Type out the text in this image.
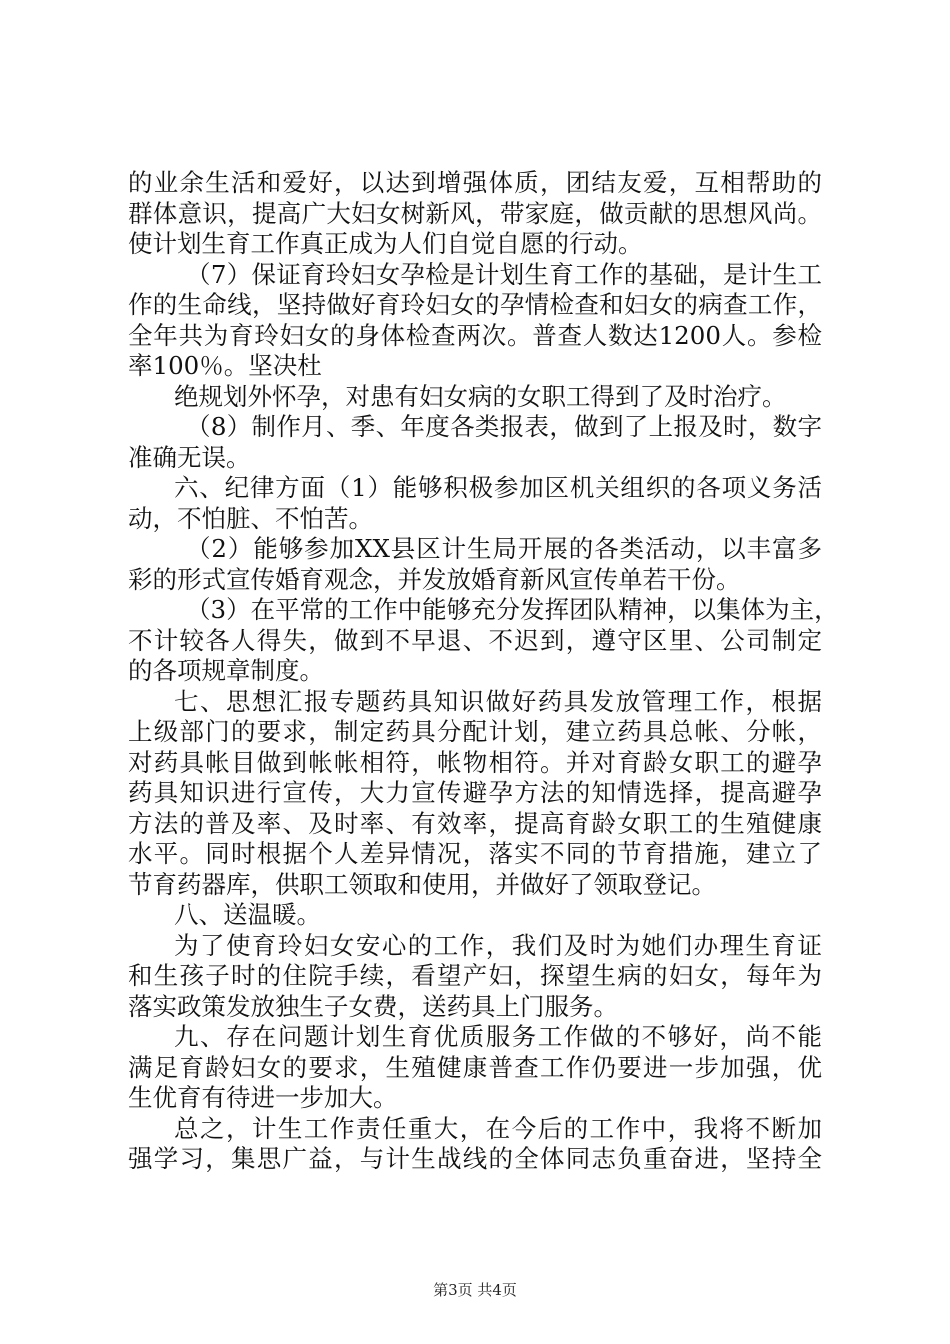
的业余生活和爱好，以达到增强体质，团结友爱，互相帮助的
群体意识，提高广大妇女树新风，带家庭，做贡献的思想风尚。
使计划生育工作真正成为人们自觉自愿的行动。
（7）保证育玲妇女孕检是计划生育工作的基础，是计生工
作的生命线，坚持做好育玲妇女的孕情检查和妇女的病查工作，
全年共为育玲妇女的身体检查两次。普查人数达1200人。参检
率100％。坚决杜
绝规划外怀孕，对患有妇女病的女职工得到了及时治疗。
（8）制作月、季、年度各类报表，做到了上报及时，数字
准确无误。
六、纪律方面（1）能够积极参加区机关组织的各项义务活
动，不怕脏、不怕苦。
（2）能够参加XX县区计生局开展的各类活动，以丰富多
彩的形式宣传婚育观念，并发放婚育新风宣传单若干份。
（3）在平常的工作中能够充分发挥团队精神，以集体为主，
不计较各人得失，做到不早退、不迟到，遵守区里、公司制定
的各项规章制度。
七、思想汇报专题药具知识做好药具发放管理工作，根据
上级部门的要求，制定药具分配计划，建立药具总帐、分帐，
对药具帐目做到帐帐相符，帐物相符。并对育龄女职工的避孕
药具知识进行宣传，大力宣传避孕方法的知情选择，提高避孕
方法的普及率、及时率、有效率，提高育龄女职工的生殖健康
水平。同时根据个人差异情况，落实不同的节育措施，建立了
节育药器库，供职工领取和使用，并做好了领取登记。
八、送温暖。
为了使育玲妇女安心的工作，我们及时为她们办理生育证
和生孩子时的住院手续，看望产妇，探望生病的妇女，每年为
落实政策发放独生子女费，送药具上门服务。
九、存在问题计划生育优质服务工作做的不够好，尚不能
满足育龄妇女的要求，生殖健康普查工作仍要进一步加强，优
生优育有待进一步加大。
总之，计生工作责任重大，在今后的工作中，我将不断加
强学习，集思广益，与计生战线的全体同志负重奋进，坚持全
第3页 共4页
